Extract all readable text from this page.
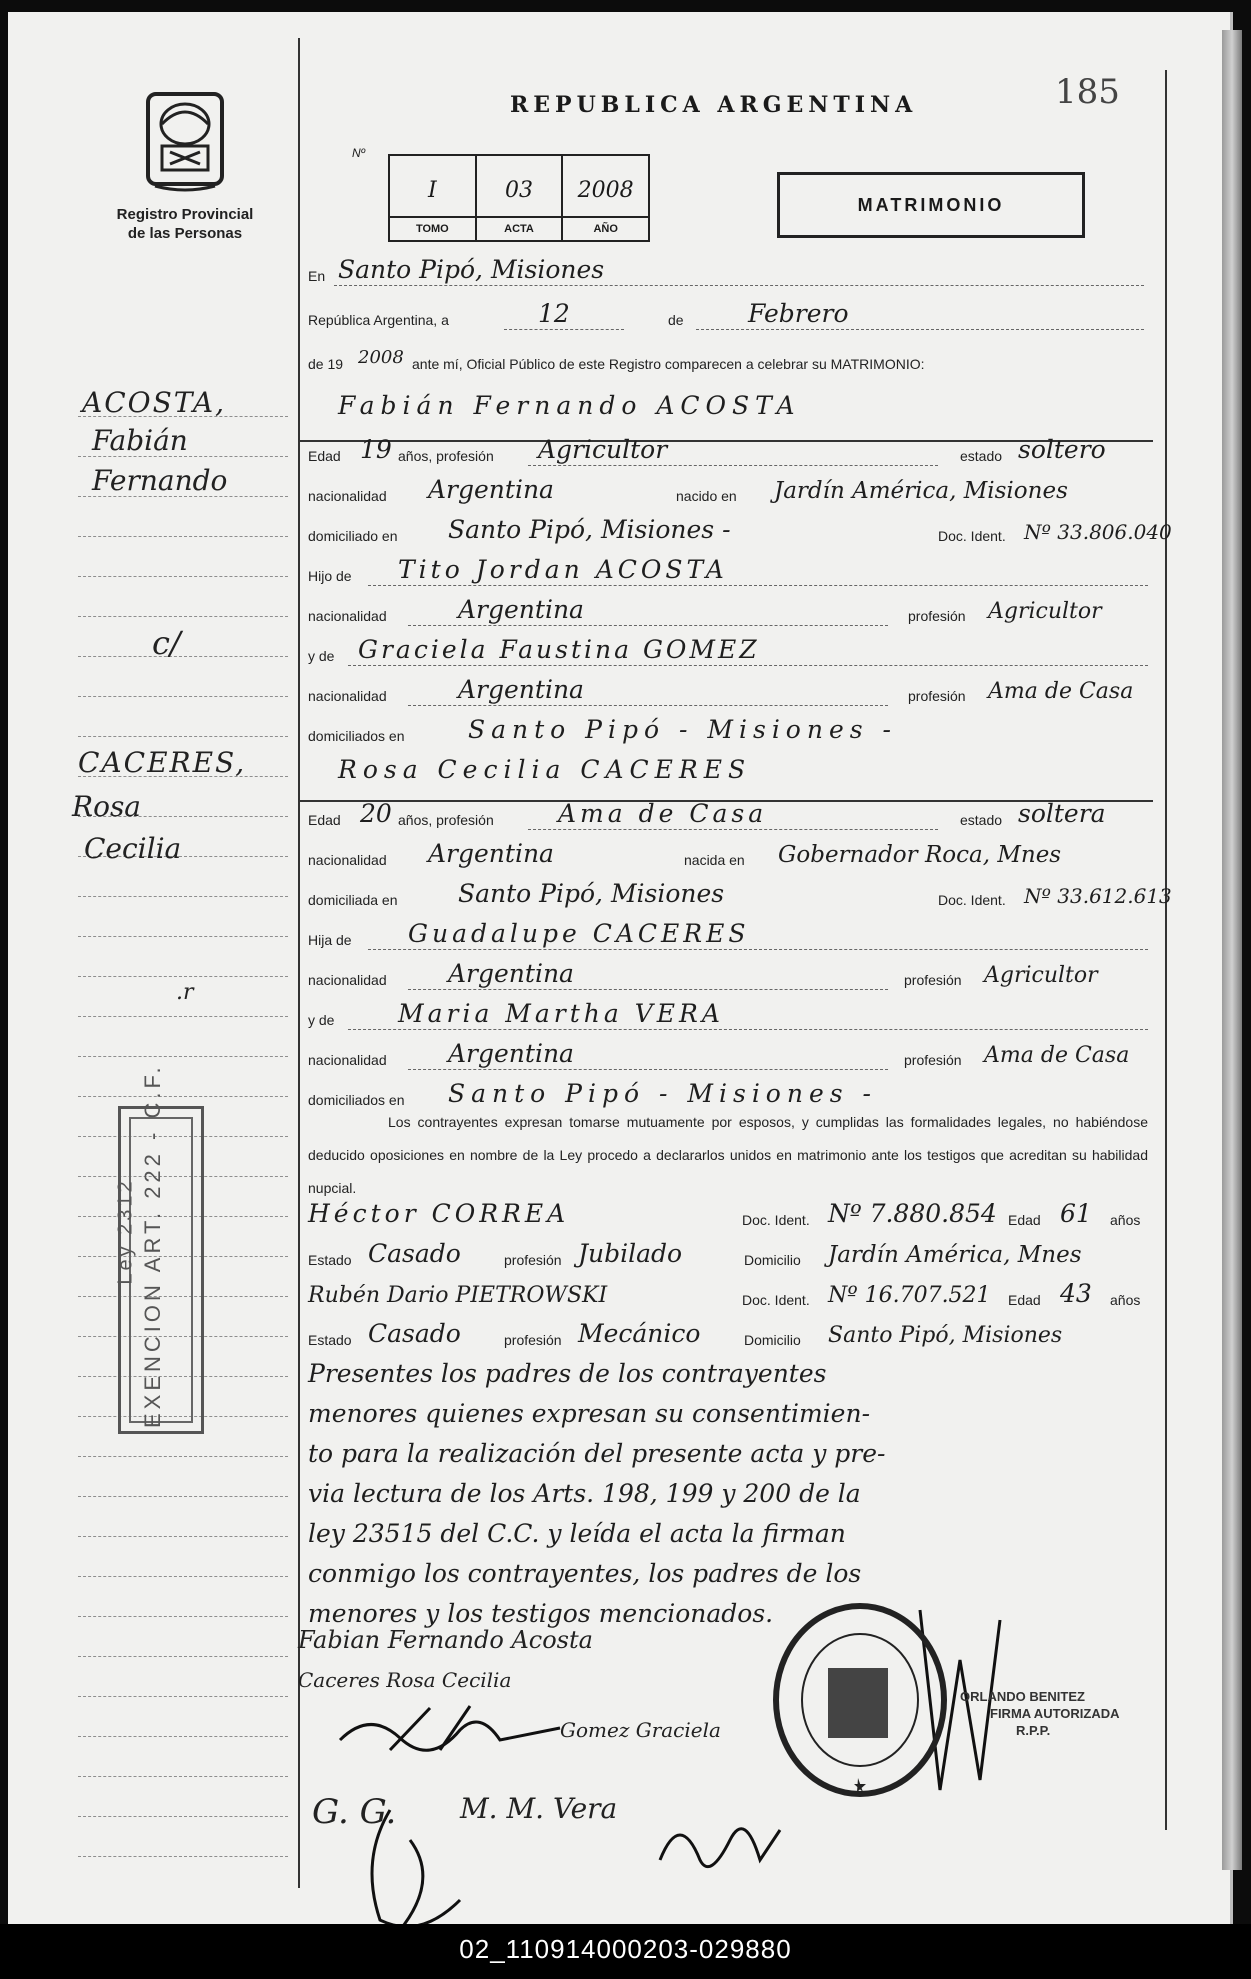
Registro Provincial
de las Personas
REPUBLICA ARGENTINA	185
Nº
I
TOMO
03
ACTA
2008
AÑO
MATRIMONIO
En Santo Pipó, Misiones
República Argentina, a	12	de	Febrero
de 19 2008 ante mí, Oficial Público de este Registro comparecen a celebrar su MATRIMONIO:
Fabián Fernando ACOSTA
Edad 19 años, profesión Agricultor	estado soltero
nacionalidad Argentina	nacido en Jardín América, Misiones
domiciliado en Santo Pipó, Misiones -	Doc. Ident. Nº 33.806.040
Hijo de Tito Jordan ACOSTA
nacionalidad	Argentina	profesión Agricultor
y de Graciela Faustina GOMEZ
nacionalidad	Argentina	profesión Ama de Casa
domiciliados en	Santo Pipó - Misiones -
Rosa Cecilia CACERES
Edad 20 años, profesión	Ama de Casa	estado soltera
nacionalidad Argentina	nacida en Gobernador Roca, Mnes
domiciliada en Santo Pipó, Misiones	Doc. Ident. Nº 33.612.613
Hija de Guadalupe CACERES
nacionalidad Argentina	profesión Agricultor
y de	Maria Martha VERA
nacionalidad Argentina	profesión Ama de Casa
domiciliados en Santo Pipó - Misiones -
Los contrayentes expresan tomarse mutuamente por esposos, y cumplidas las formalidades legales, no habiéndose deducido oposiciones en nombre de la Ley procedo a declararlos unidos en matrimonio ante los testigos que acreditan su habilidad nupcial.
Héctor CORREA	Doc. Ident. Nº 7.880.854 Edad 61 años
Estado Casado	profesión Jubilado	Domicilio Jardín América, Mnes
Rubén Dario PIETROWSKI	Doc. Ident. Nº 16.707.521 Edad 43 años
Estado Casado	profesión Mecánico	Domicilio Santo Pipó, Misiones
Presentes los padres de los contrayentes
menores quienes expresan su consentimien-
to para la realización del presente acta y pre-
via lectura de los Arts. 198, 199 y 200 de la
ley 23515 del C.C. y leída el acta la firman
conmigo los contrayentes, los padres de los
menores y los testigos mencionados.
Fabian Fernando Acosta
Caceres Rosa Cecilia
Gomez Graciela
M. M. Vera
G. G.
ORLANDO BENITEZ
FIRMA AUTORIZADA
R.P.P.
ACOSTA,
Fabián
Fernando
c/
CACERES,
Rosa
Cecilia
.r
Ley 2312 EXENCION ART. 222 - C.F.
02_110914000203-029880
